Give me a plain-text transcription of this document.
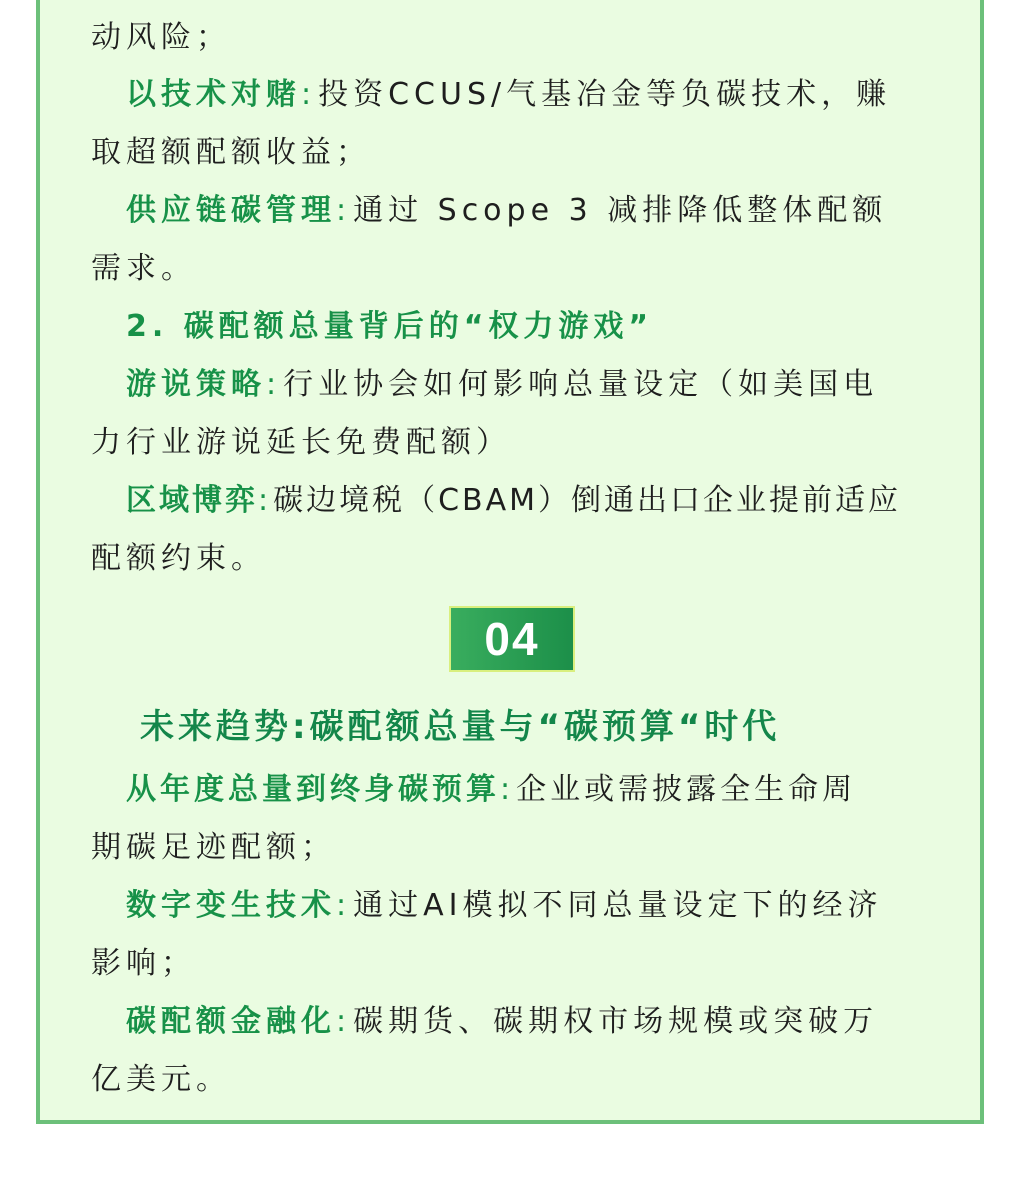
动风险；
以技术对赌:投资CCUS/气基冶金等负碳技术，赚
取超额配额收益；
供应链碳管理:通过 Scope 3 减排降低整体配额
需求。
2. 碳配额总量背后的“权力游戏”
游说策略:行业协会如何影响总量设定（如美国电
力行业游说延长免费配额）
区域博弈:碳边境税（CBAM）倒通出口企业提前适应
配额约束。
04
未来趋势:碳配额总量与“碳预算“时代
从年度总量到终身碳预算:企业或需披露全生命周
期碳足迹配额；
数字变生技术:通过AI模拟不同总量设定下的经济
影响；
碳配额金融化:碳期货、碳期权市场规模或突破万
亿美元。
